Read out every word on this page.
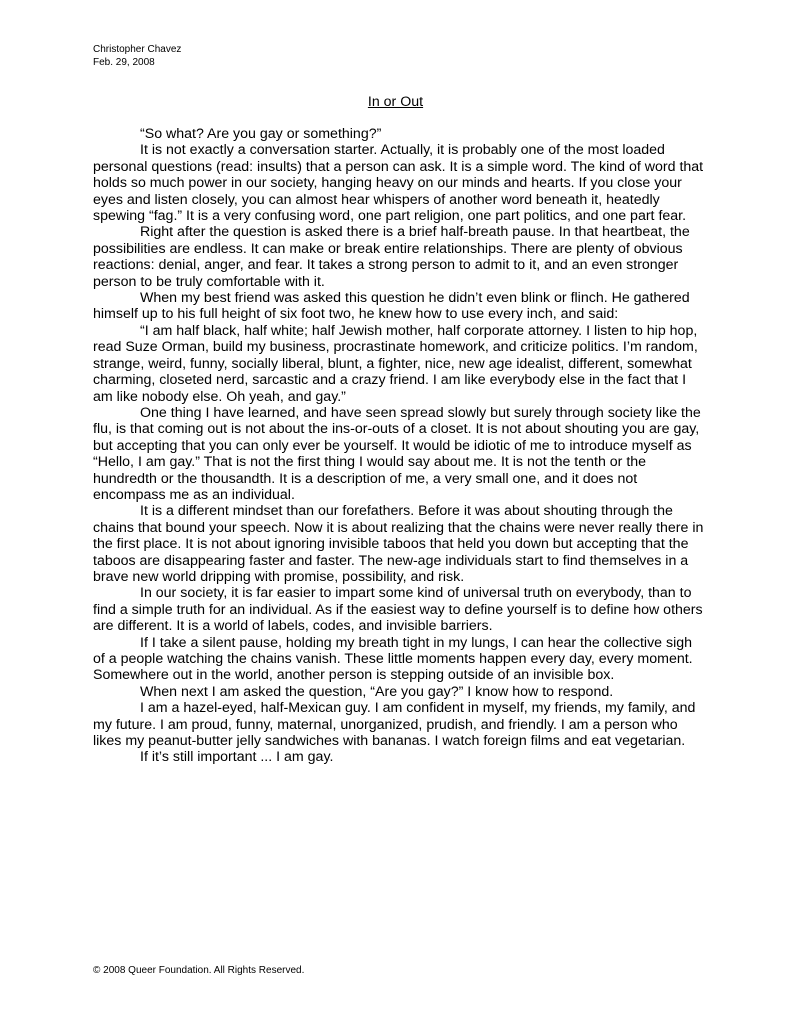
Christopher Chavez
Feb. 29, 2008
In or Out

“So what? Are you gay or something?”

It is not exactly a conversation starter. Actually, it is probably one of the most loaded personal questions (read: insults) that a person can ask. It is a simple word. The kind of word that holds so much power in our society, hanging heavy on our minds and hearts. If you close your eyes and listen closely, you can almost hear whispers of another word beneath it, heatedly spewing “fag.” It is a very confusing word, one part religion, one part politics, and one part fear.

Right after the question is asked there is a brief half-breath pause. In that heartbeat, the possibilities are endless. It can make or break entire relationships. There are plenty of obvious reactions: denial, anger, and fear. It takes a strong person to admit to it, and an even stronger person to be truly comfortable with it.

When my best friend was asked this question he didn’t even blink or flinch. He gathered himself up to his full height of six foot two, he knew how to use every inch, and said:

“I am half black, half white; half Jewish mother, half corporate attorney. I listen to hip hop, read Suze Orman, build my business, procrastinate homework, and criticize politics. I’m random, strange, weird, funny, socially liberal, blunt, a fighter, nice, new age idealist, different, somewhat charming, closeted nerd, sarcastic and a crazy friend. I am like everybody else in the fact that I am like nobody else. Oh yeah, and gay.”

One thing I have learned, and have seen spread slowly but surely through society like the flu, is that coming out is not about the ins-or-outs of a closet. It is not about shouting you are gay, but accepting that you can only ever be yourself. It would be idiotic of me to introduce myself as “Hello, I am gay.” That is not the first thing I would say about me. It is not the tenth or the hundredth or the thousandth. It is a description of me, a very small one, and it does not encompass me as an individual.

It is a different mindset than our forefathers. Before it was about shouting through the chains that bound your speech. Now it is about realizing that the chains were never really there in the first place. It is not about ignoring invisible taboos that held you down but accepting that the taboos are disappearing faster and faster. The new-age individuals start to find themselves in a brave new world dripping with promise, possibility, and risk.

In our society, it is far easier to impart some kind of universal truth on everybody, than to find a simple truth for an individual. As if the easiest way to define yourself is to define how others are different. It is a world of labels, codes, and invisible barriers.

If I take a silent pause, holding my breath tight in my lungs, I can hear the collective sigh of a people watching the chains vanish. These little moments happen every day, every moment. Somewhere out in the world, another person is stepping outside of an invisible box.

When next I am asked the question, “Are you gay?” I know how to respond.

I am a hazel-eyed, half-Mexican guy. I am confident in myself, my friends, my family, and my future. I am proud, funny, maternal, unorganized, prudish, and friendly. I am a person who likes my peanut-butter jelly sandwiches with bananas. I watch foreign films and eat vegetarian.

If it’s still important ... I am gay.

© 2008 Queer Foundation. All Rights Reserved.
